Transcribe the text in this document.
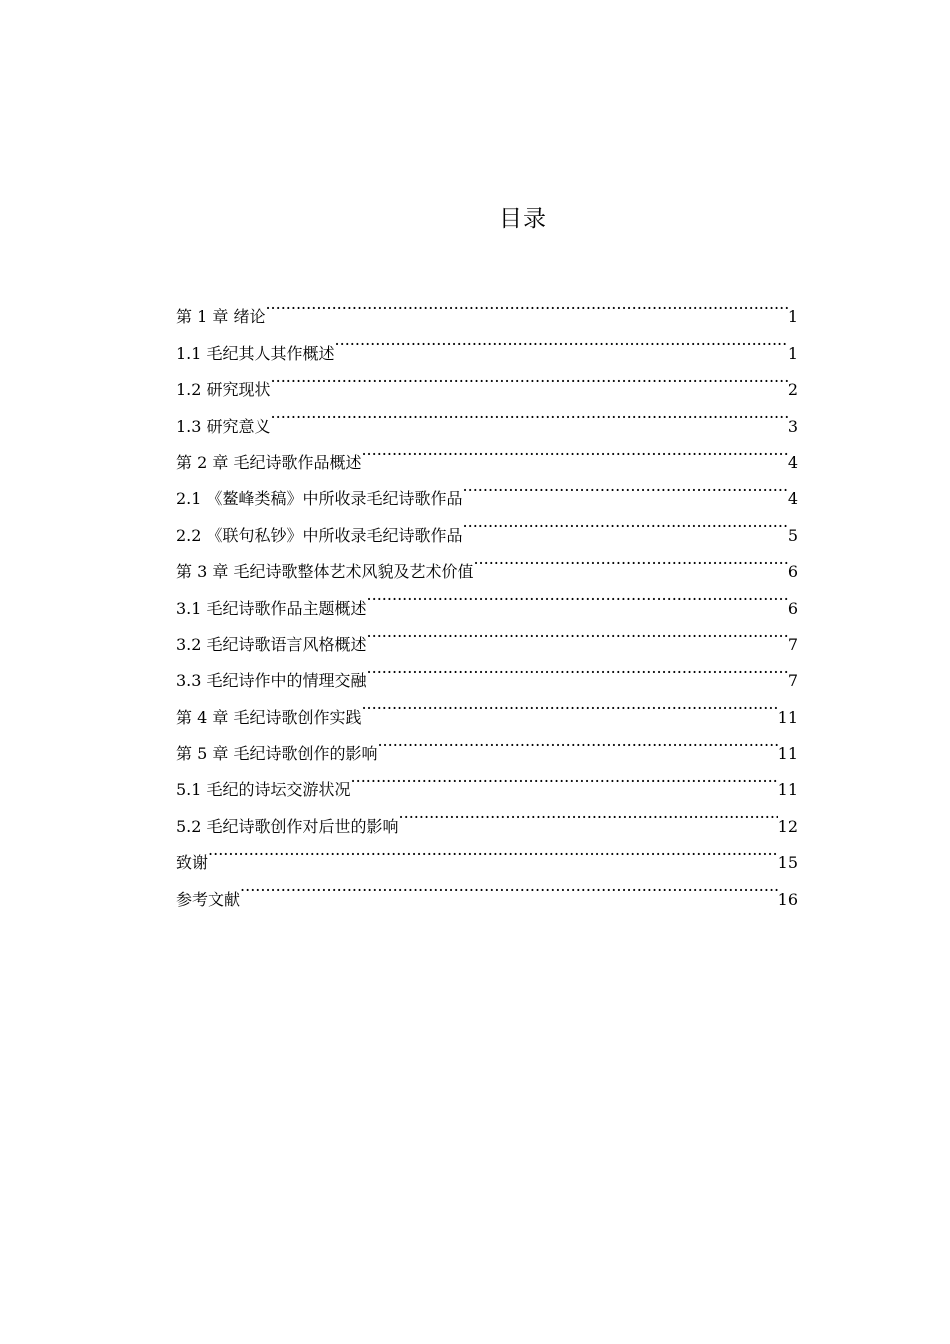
目录
第 1 章 绪论 .....	1
1.1 毛纪其人其作概述 .....	1
1.2 研究现状 .....	2
1.3 研究意义 .....	3
第 2 章 毛纪诗歌作品概述 .....	4
2.1 《鳌峰类稿》中所收录毛纪诗歌作品 .....	4
2.2 《联句私钞》中所收录毛纪诗歌作品 .....	5
第 3 章 毛纪诗歌整体艺术风貌及艺术价值 .....	6
3.1 毛纪诗歌作品主题概述 .....	6
3.2 毛纪诗歌语言风格概述 .....	7
3.3 毛纪诗作中的情理交融 .....	7
第 4 章 毛纪诗歌创作实践 .....	11
第 5 章 毛纪诗歌创作的影响 .....	11
5.1 毛纪的诗坛交游状况 .....	11
5.2 毛纪诗歌创作对后世的影响 .....	12
致谢 .....	15
参考文献 .....	16
